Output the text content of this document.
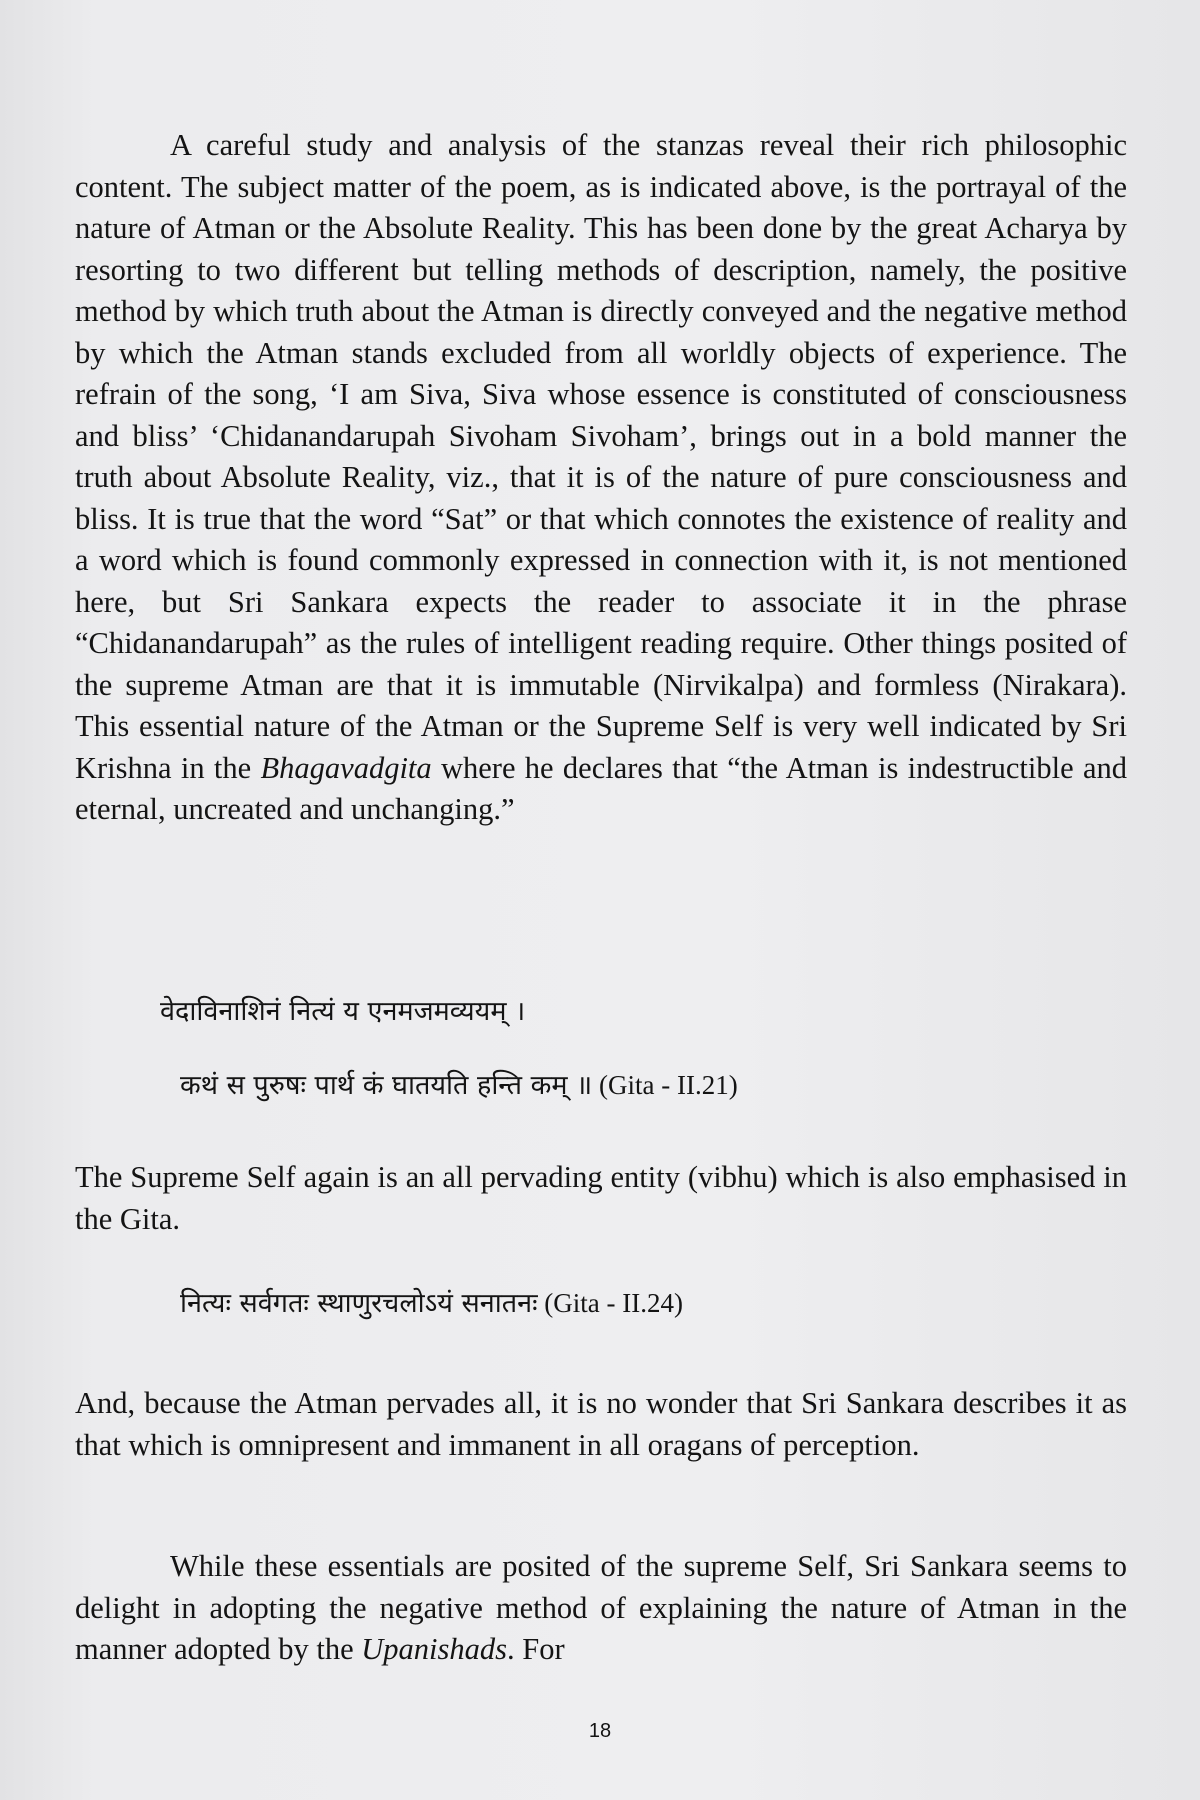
A careful study and analysis of the stanzas reveal their rich philosophic content. The subject matter of the poem, as is indicated above, is the portrayal of the nature of Atman or the Absolute Reality. This has been done by the great Acharya by resorting to two different but telling methods of description, namely, the positive method by which truth about the Atman is directly conveyed and the negative method by which the Atman stands excluded from all worldly objects of experience. The refrain of the song, ‘I am Siva, Siva whose essence is constituted of consciousness and bliss’ ‘Chidanandarupah Sivoham Sivoham’, brings out in a bold manner the truth about Absolute Reality, viz., that it is of the nature of pure consciousness and bliss. It is true that the word “Sat” or that which connotes the existence of reality and a word which is found commonly expressed in connection with it, is not mentioned here, but Sri Sankara expects the reader to associate it in the phrase “Chidanandarupah” as the rules of intelligent reading require. Other things posited of the supreme Atman are that it is immutable (Nirvikalpa) and formless (Nirakara). This essential nature of the Atman or the Supreme Self is very well indicated by Sri Krishna in the Bhagavadgita where he declares that “the Atman is indestructible and eternal, uncreated and unchanging.”

वेदाविनाशिनं नित्यं य एनमजमव्ययम् ।
कथं स पुरुषः पार्थ कं घातयति हन्ति कम् ॥ (Gita - II.21)
The Supreme Self again is an all pervading entity (vibhu) which is also emphasised in the Gita.
नित्यः सर्वगतः स्थाणुरचलोऽयं सनातनः (Gita - II.24)
And, because the Atman pervades all, it is no wonder that Sri Sankara describes it as that which is omnipresent and immanent in all oragans of perception.

While these essentials are posited of the supreme Self, Sri Sankara seems to delight in adopting the negative method of explaining the nature of Atman in the manner adopted by the Upanishads. For

18
